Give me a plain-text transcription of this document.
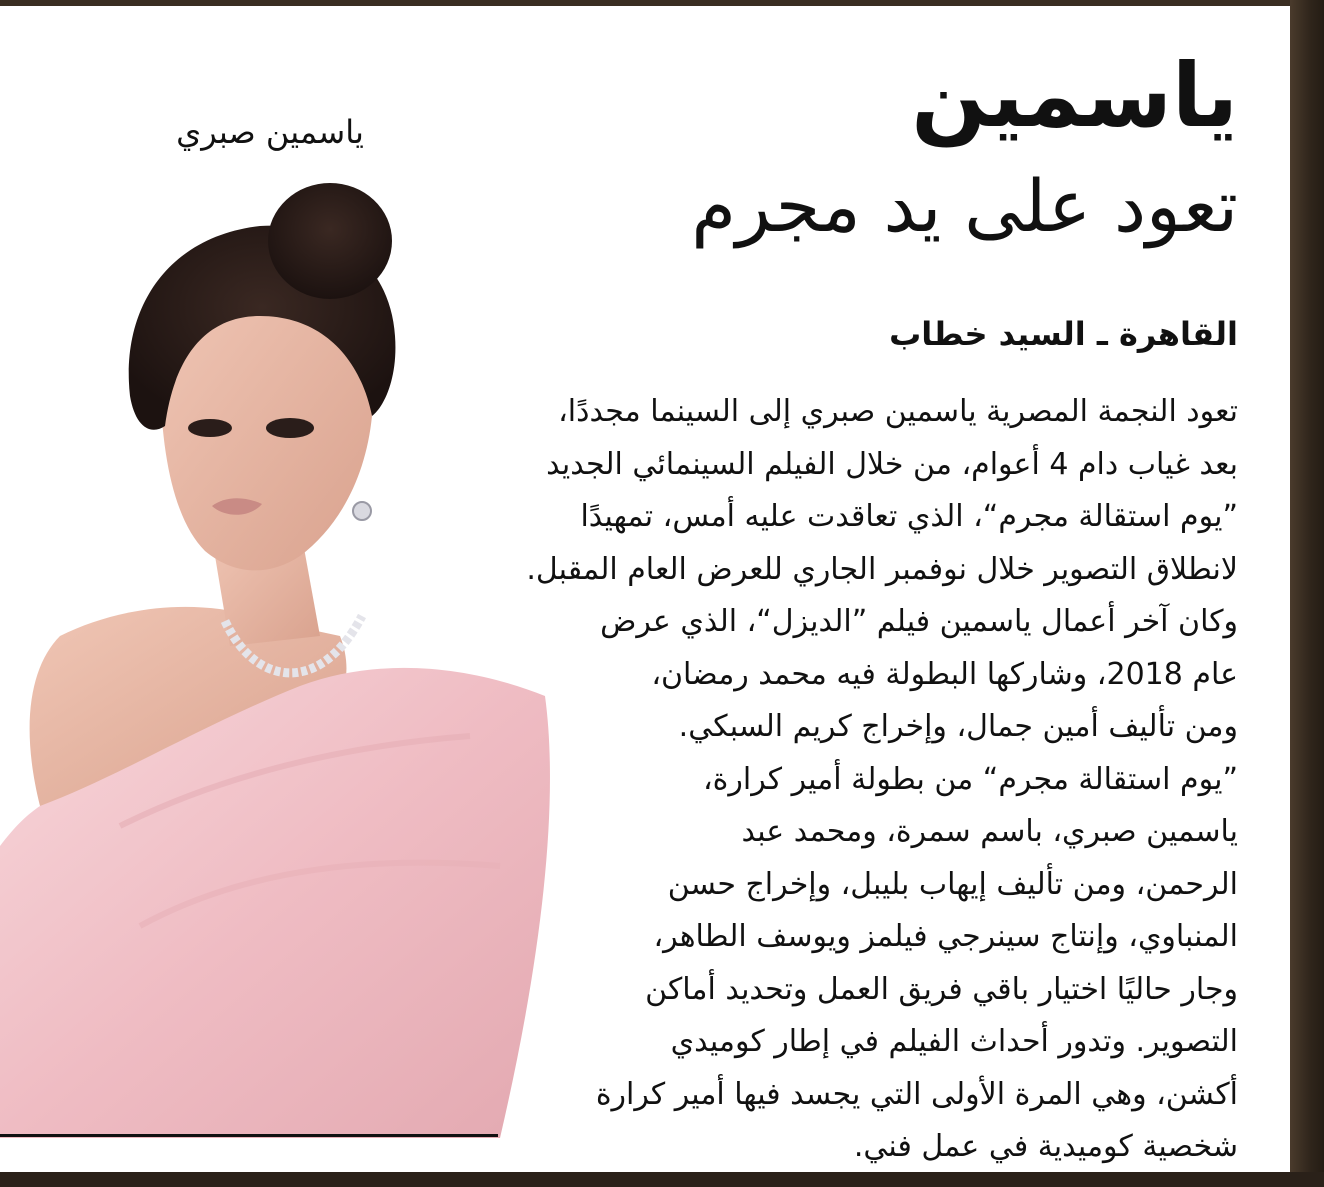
ياسمين
تعود على يد مجرم
القاهرة ـ السيد خطاب
ياسمين صبري
تعود النجمة المصرية ياسمين صبري إلى السينما مجددًا،
بعد غياب دام 4 أعوام، من خلال الفيلم السينمائي الجديد
”يوم استقالة مجرم“، الذي تعاقدت عليه أمس، تمهيدًا
لانطلاق التصوير خلال نوفمبر الجاري للعرض العام المقبل.
وكان آخر أعمال ياسمين فيلم ”الديزل“، الذي عرض
عام 2018، وشاركها البطولة فيه محمد رمضان،
ومن تأليف أمين جمال، وإخراج كريم السبكي.
”يوم استقالة مجرم“ من بطولة أمير كرارة،
ياسمين صبري، باسم سمرة، ومحمد عبد
الرحمن، ومن تأليف إيهاب بليبل، وإخراج حسن
المنباوي، وإنتاج سينرجي فيلمز ويوسف الطاهر،
وجار حاليًا اختيار باقي فريق العمل وتحديد أماكن
التصوير. وتدور أحداث الفيلم في إطار كوميدي
أكشن، وهي المرة الأولى التي يجسد فيها أمير كرارة
شخصية كوميدية في عمل فني.
